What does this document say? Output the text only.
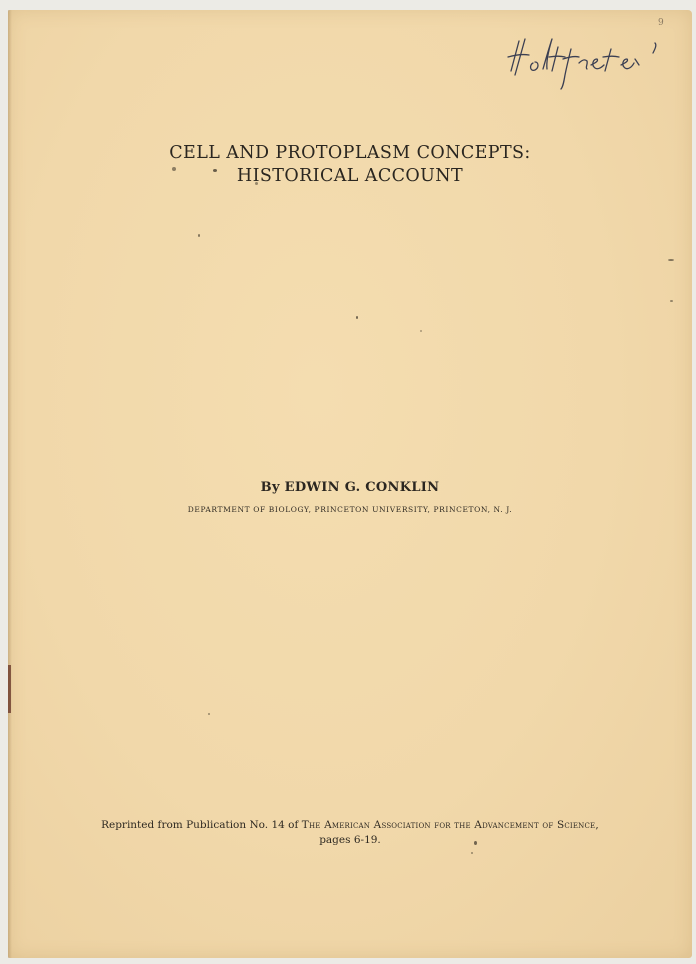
9
CELL AND PROTOPLASM CONCEPTS:
HISTORICAL ACCOUNT
By EDWIN G. CONKLIN
DEPARTMENT OF BIOLOGY, PRINCETON UNIVERSITY, PRINCETON, N. J.
Reprinted from Publication No. 14 of The American Association for the Advancement of Science,
pages 6-19.
